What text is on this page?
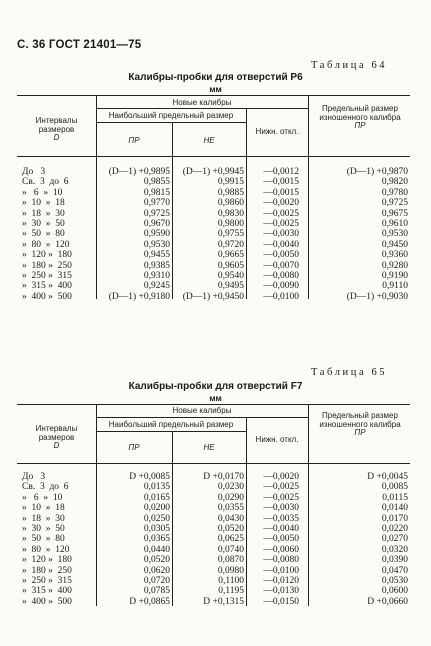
С. 36 ГОСТ 21401—75
Таблица 64
Калибры-пробки для отверстий Р6
мм
Интервалы размеров
D
Новые калибры
Наибольший предельный размер
ПР	НЕ
Нижн. откл.
Предельный размер изношенного калибра
ПР
До   3
Св.  3  до  6
»   6  »  10
»  10  »  18
»  18  »  30
»  30  »  50
»  50  »  80
»  80  »  120
»  120 »  180
»  180 »  250
»  250 »  315
»  315 »  400
»  400 »  500
(D—1) +0,9895
0,9855
0,9815
0,9770
0,9725
0,9670
0,9590
0,9530
0,9455
0,9385
0,9310
0,9245
(D—1) +0,9180
(D—1) +0,9945
0,9915
0,9885
0,9860
0,9830
0,9800
0,9755
0,9720
0,9665
0,9605
0,9540
0,9495
(D—1) +0,9450
—0,0012
—0,0015
—0,0015
—0,0020
—0,0025
—0,0025
—0,0030
—0,0040
—0,0050
—0,0070
—0,0080
—0,0090
—0,0100
(D—1) +0,9870
0,9820
0,9780
0,9725
0,9675
0,9610
0,9530
0,9450
0,9360
0,9280
0,9190
0,9110
(D—1) +0,9030
Таблица 65
Калибры-пробки для отверстий F7
мм
Интервалы размеров
D
Новые калибры
Наибольший предельный размер
ПР	НЕ
Нижн. откл.
Предельный размер изношенного калибра
ПР
До   3
Св.  3  до  6
»   6  »  10
»  10  »  18
»  18  »  30
»  30  »  50
»  50  »  80
»  80  »  120
»  120 »  180
»  180 »  250
»  250 »  315
»  315 »  400
»  400 »  500
D +0,0085
0,0135
0,0165
0,0200
0,0250
0,0305
0,0365
0,0440
0,0520
0,0620
0,0720
0,0785
D +0,0865
D +0,0170
0,0230
0,0290
0,0355
0,0430
0,0520
0,0625
0,0740
0,0870
0,0980
0,1100
0,1195
D +0,1315
—0,0020
—0,0025
—0,0025
—0,0030
—0,0035
—0,0040
—0,0050
—0,0060
—0,0080
—0,0100
—0,0120
—0,0130
—0,0150
D +0,0045
0,0085
0,0115
0,0140
0,0170
0,0220
0,0270
0,0320
0,0390
0,0470
0,0530
0,0600
D +0,0660
